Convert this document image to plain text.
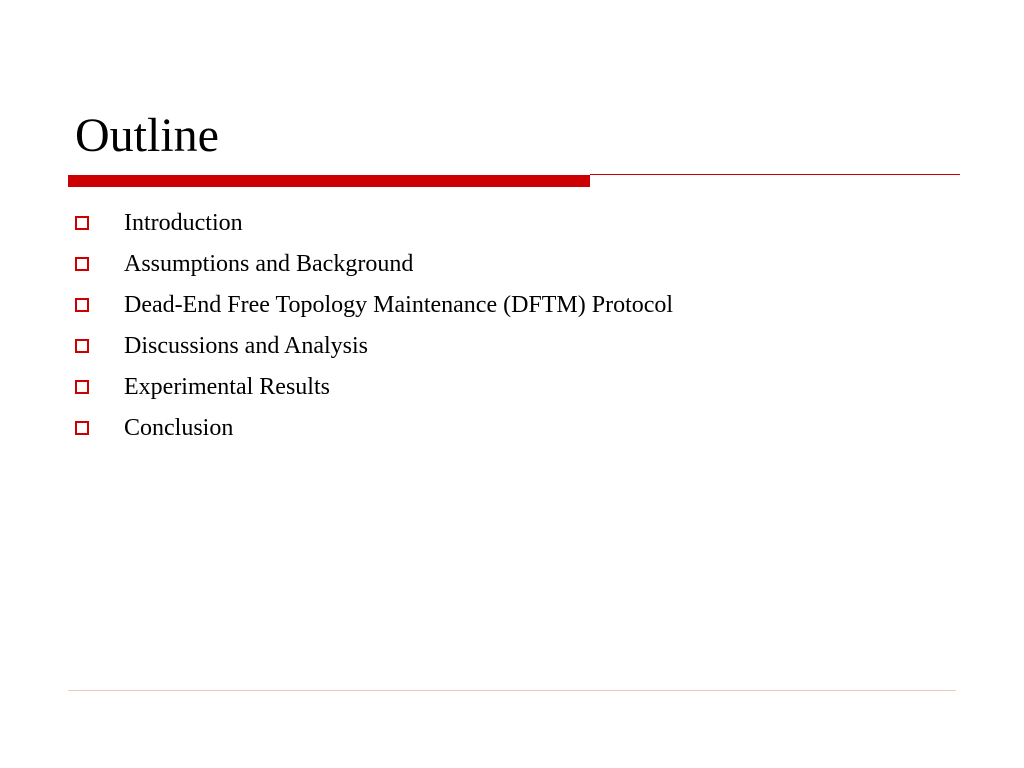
Outline
Introduction
Assumptions and Background
Dead-End Free Topology Maintenance (DFTM) Protocol
Discussions and Analysis
Experimental Results
Conclusion
